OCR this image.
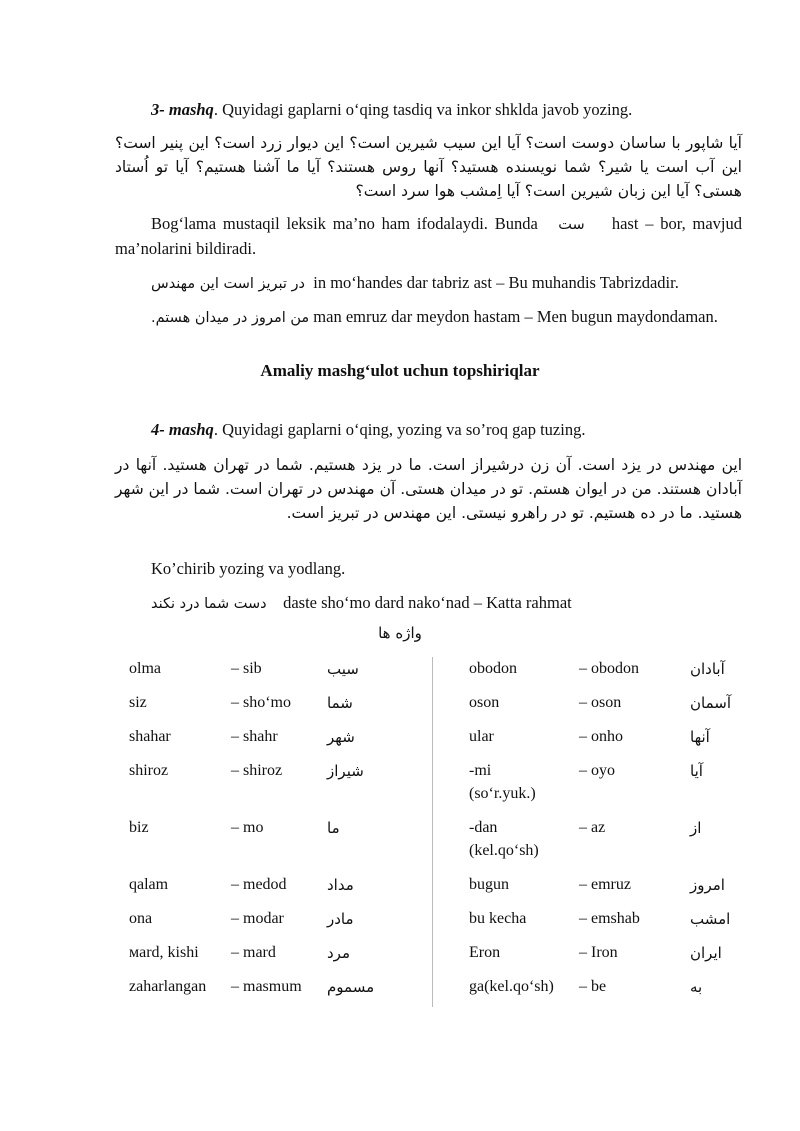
3- mashq. Quyidagi gaplarni o‘qing tasdiq va inkor shklda javob yozing.

آیا شاپور با ساسان دوست است؟ آیا این سیب شیرین است؟ این دیوار زرد است؟ این پنیر است؟ این آب است یا شیر؟ شما نویسنده هستید؟ آنها روس هستند؟ آیا ما آشنا هستیم؟ آیا تو اُستاد هستی؟ آیا این زبان شیرین است؟ آیا اِمشب هوا سرد است؟

Bog‘lama mustaqil leksik ma’no ham ifodalaydi. Bunda ست hast – bor, mavjud ma’nolarini bildiradi.

در تبریز است این مهندس in mo‘handes dar tabriz ast – Bu muhandis Tabrizdadir.

من امروز در میدان هستم. man emruz dar meydon hastam – Men bugun maydondaman.

Amaliy mashg‘ulot uchun topshiriqlar

4- mashq. Quyidagi gaplarni o‘qing, yozing va so’roq gap tuzing.

این مهندس در یزد است. آن زن درشیراز است. ما در یزد هستیم. شما در تهران هستید. آنها در آبادان هستند. من در ایوان هستم. تو در میدان هستی. آن مهندس در تهران است. شما در این شهر هستید. ما در ده هستیم. تو در راهرو نیستی. این مهندس در تبریز است.

Ko’chirib yozing va yodlang.

دست شما درد نکند daste sho‘mo dard nako‘nad – Katta rahmat

واژه ها
olma	– sib	سیب
siz	– sho‘mo شما
shahar	– shahr	شهر
shiroz	– shiroz	شیراز
biz	– mo	ما
qalam	– medod	مداد
ona	– modar	مادر
мard, kishi – mard	مرد
zaharlangan – masmum مسموم
obodon	– obodon	آبادان
oson	– oson	آسمان
ular	– onho	آنها
-mi
(so‘r.yuk.)
– oyo	آیا
-dan
(kel.qo‘sh)
– az	از
bugun	– emruz	امروز
bu kecha	– emshab	امشب
Eron	– Iron	ایران
ga(kel.qo‘sh) – be	به
